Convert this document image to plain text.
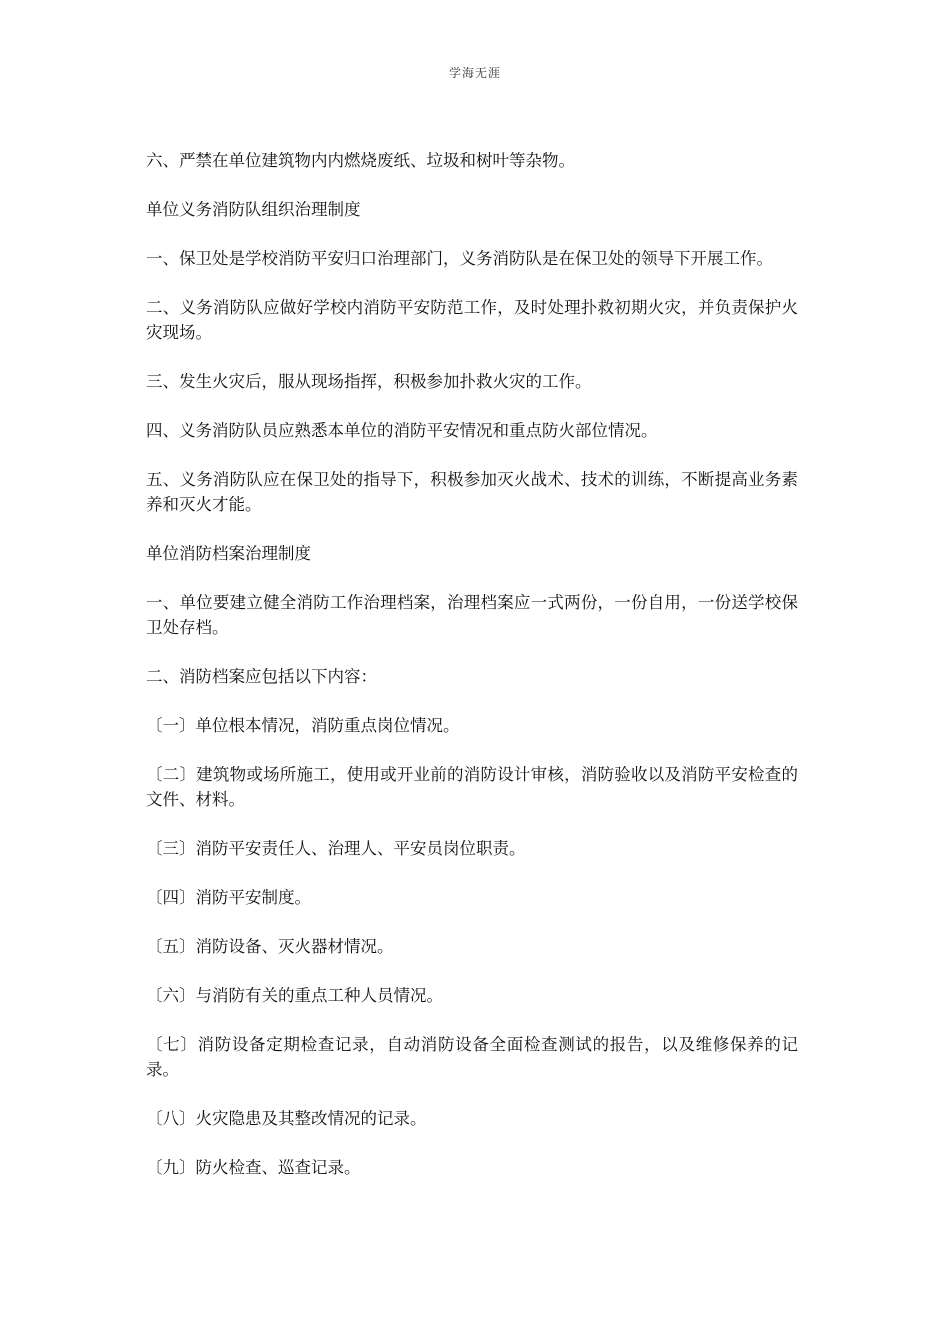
学海无涯

六、严禁在单位建筑物内内燃烧废纸、垃圾和树叶等杂物。

单位义务消防队组织治理制度

一、保卫处是学校消防平安归口治理部门，义务消防队是在保卫处的领导下开展工作。

二、义务消防队应做好学校内消防平安防范工作，及时处理扑救初期火灾，并负责保护火灾现场。

三、发生火灾后，服从现场指挥，积极参加扑救火灾的工作。

四、义务消防队员应熟悉本单位的消防平安情况和重点防火部位情况。

五、义务消防队应在保卫处的指导下，积极参加灭火战术、技术的训练，不断提高业务素养和灭火才能。

单位消防档案治理制度

一、单位要建立健全消防工作治理档案，治理档案应一式两份，一份自用，一份送学校保卫处存档。

二、消防档案应包括以下内容：

〔一〕单位根本情况，消防重点岗位情况。

〔二〕建筑物或场所施工，使用或开业前的消防设计审核，消防验收以及消防平安检查的文件、材料。

〔三〕消防平安责任人、治理人、平安员岗位职责。

〔四〕消防平安制度。

〔五〕消防设备、灭火器材情况。

〔六〕与消防有关的重点工种人员情况。

〔七〕消防设备定期检查记录，自动消防设备全面检查测试的报告，以及维修保养的记录。

〔八〕火灾隐患及其整改情况的记录。

〔九〕防火检查、巡查记录。
